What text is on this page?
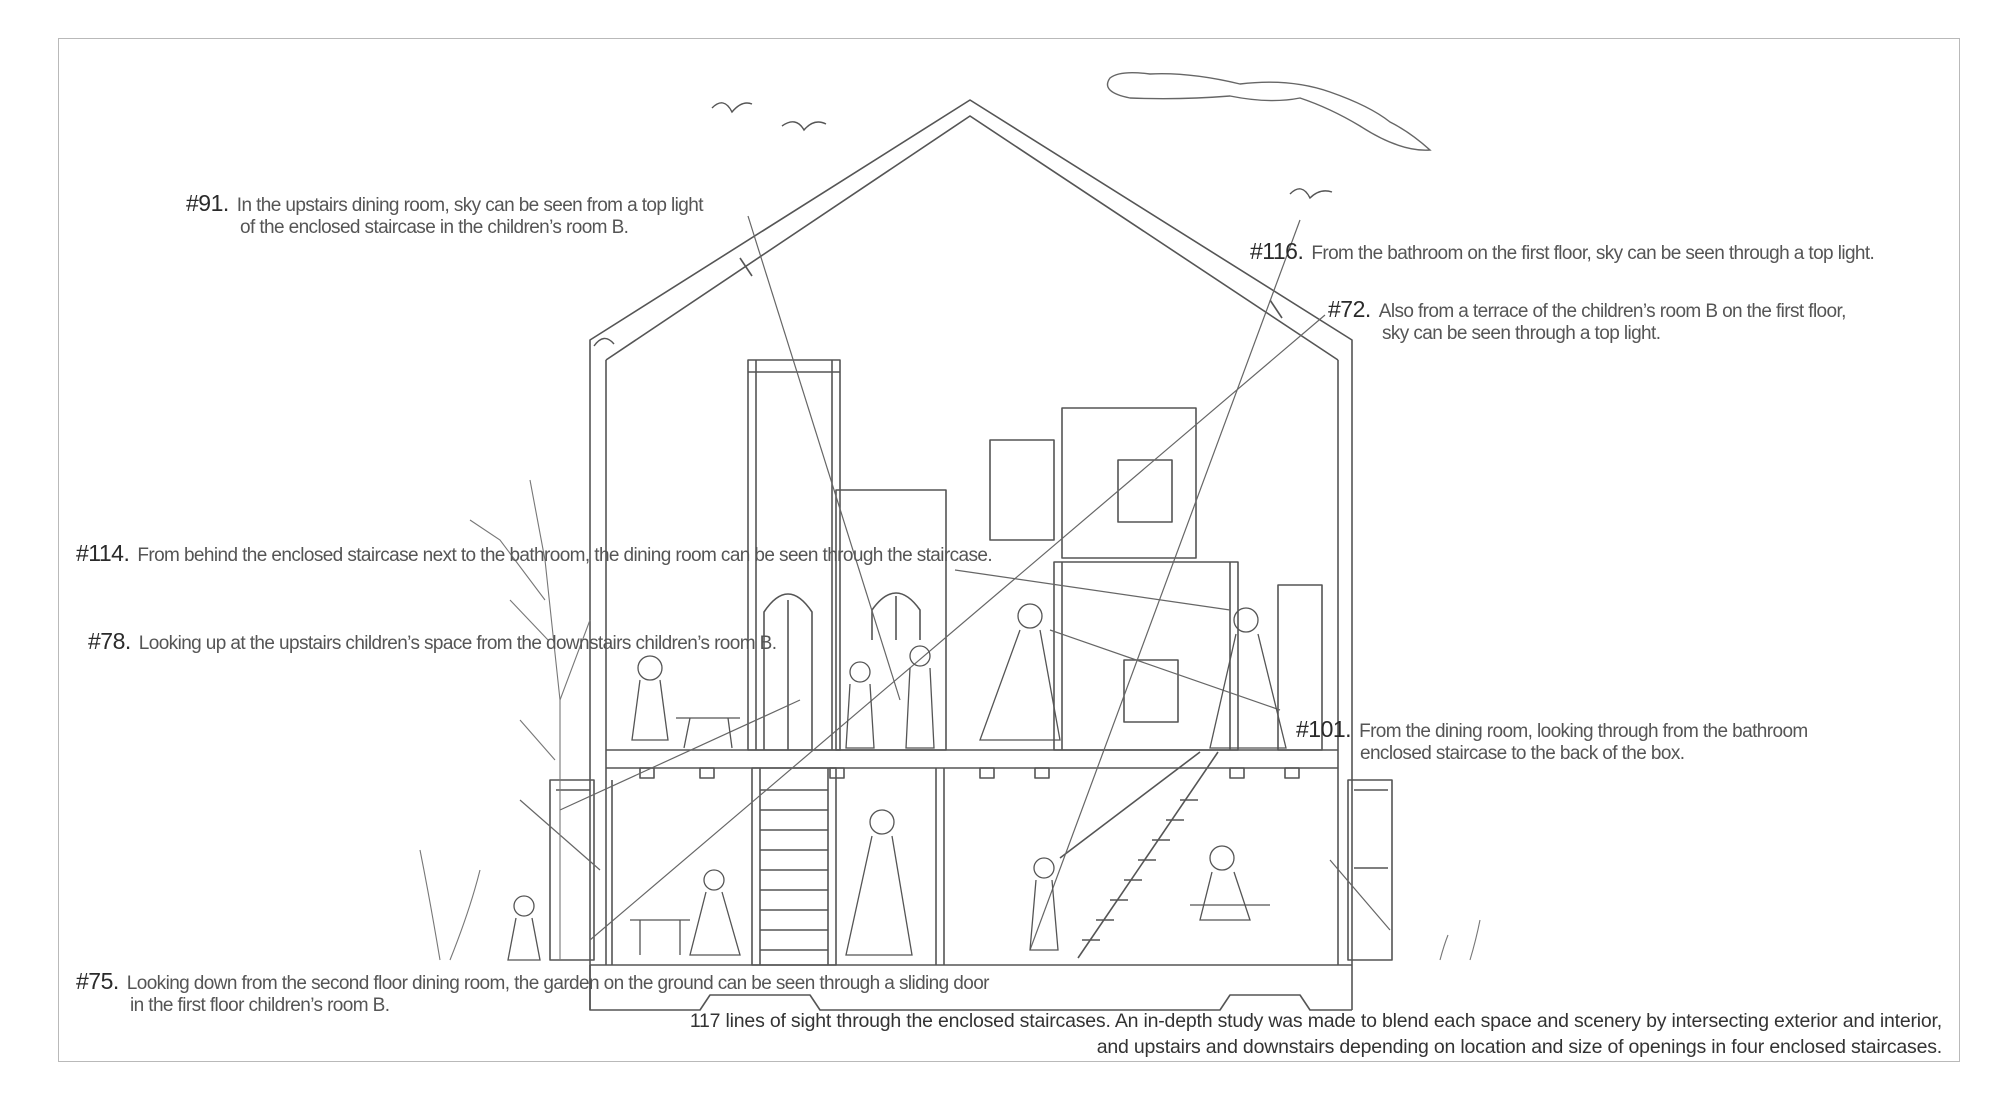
#91. In the upstairs dining room, sky can be seen from a top light
of the enclosed staircase in the children’s room B.
#116. From the bathroom on the first floor, sky can be seen through a top light.
#72. Also from a terrace of the children’s room B on the first floor,
sky can be seen through a top light.
#114. From behind the enclosed staircase next to the bathroom, the dining room can be seen through the staircase.
#78. Looking up at the upstairs children’s space from the downstairs children’s room B.
#101. From the dining room, looking through from the bathroom
enclosed staircase to the back of the box.
#75. Looking down from the second floor dining room, the garden on the ground can be seen through a sliding door
in the first floor children’s room B.
117 lines of sight through the enclosed staircases. An in-depth study was made to blend each space and scenery by intersecting exterior and interior,
and upstairs and downstairs depending on location and size of openings in four enclosed staircases.
